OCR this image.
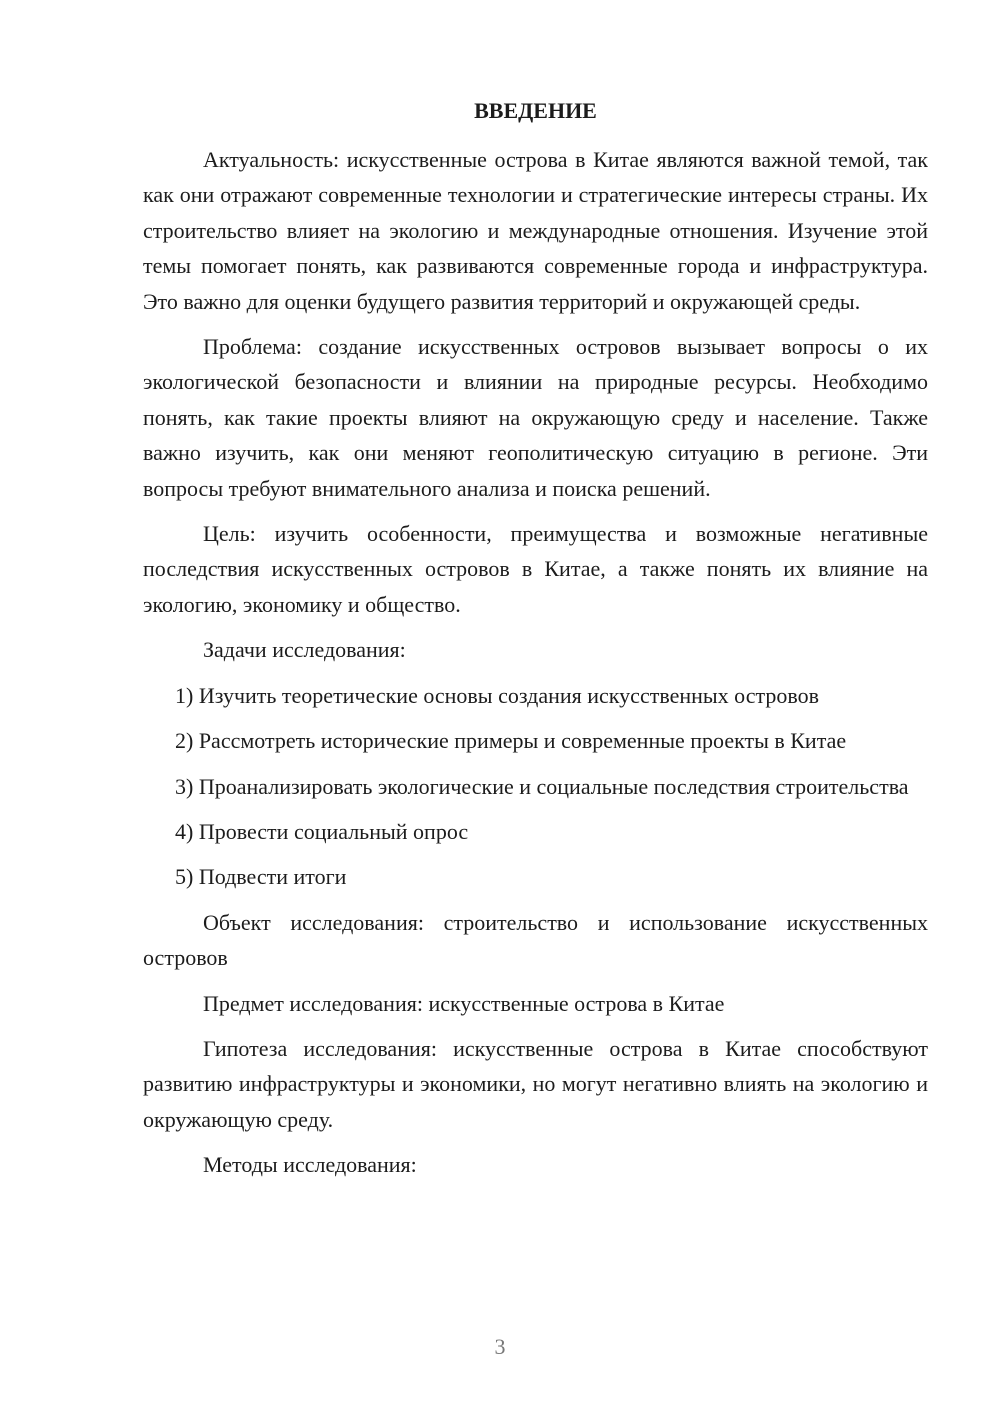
ВВЕДЕНИЕ

Актуальность: искусственные острова в Китае являются важной темой, так как они отражают современные технологии и стратегические интересы страны. Их строительство влияет на экологию и международные отношения. Изучение этой темы помогает понять, как развиваются современные города и инфраструктура. Это важно для оценки будущего развития территорий и окружающей среды.

Проблема: создание искусственных островов вызывает вопросы о их экологической безопасности и влиянии на природные ресурсы. Необходимо понять, как такие проекты влияют на окружающую среду и население. Также важно изучить, как они меняют геополитическую ситуацию в регионе. Эти вопросы требуют внимательного анализа и поиска решений.

Цель: изучить особенности, преимущества и возможные негативные последствия искусственных островов в Китае, а также понять их влияние на экологию, экономику и общество.

Задачи исследования:

1) Изучить теоретические основы создания искусственных островов

2) Рассмотреть исторические примеры и современные проекты в Китае

3) Проанализировать экологические и социальные последствия строительства

4) Провести социальный опрос

5) Подвести итоги

Объект исследования: строительство и использование искусственных островов

Предмет исследования: искусственные острова в Китае

Гипотеза исследования: искусственные острова в Китае способствуют развитию инфраструктуры и экономики, но могут негативно влиять на экологию и окружающую среду.

Методы исследования:

3
